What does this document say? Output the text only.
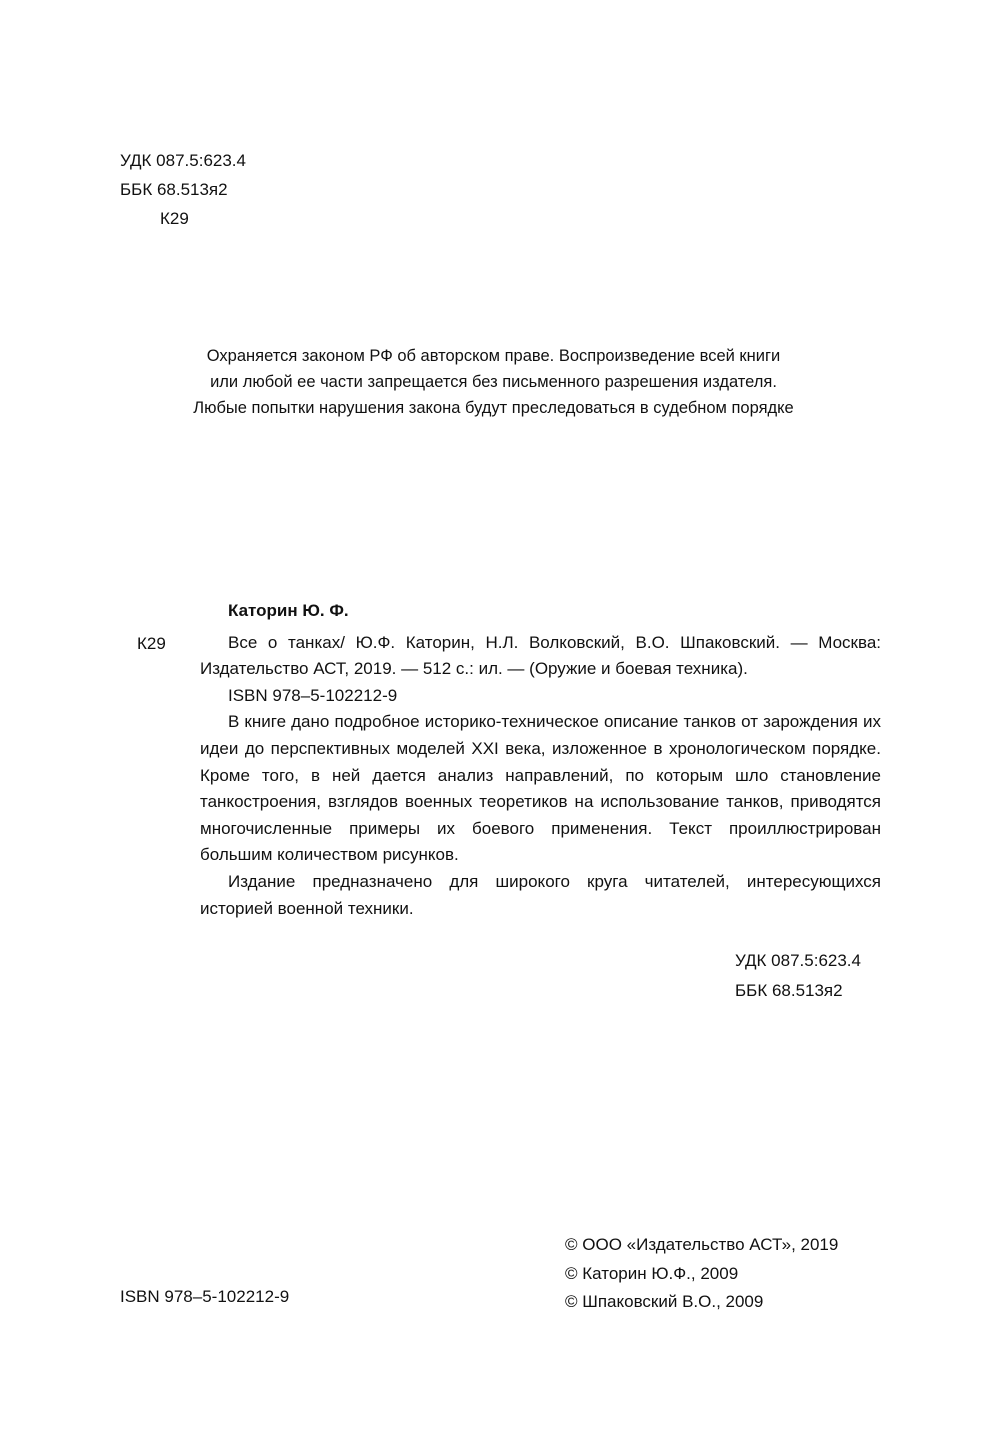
УДК 087.5:623.4
ББК 68.513я2
К29
Охраняется законом РФ об авторском праве. Воспроизведение всей книги
или любой ее части запрещается без письменного разрешения издателя.
Любые попытки нарушения закона будут преследоваться в судебном порядке
К29
Каторин Ю. Ф.

Все о танках/ Ю.Ф. Каторин, Н.Л. Волковский, В.О. Шпаковский. — Москва: Издательство АСТ, 2019. — 512 с.: ил. — (Оружие и боевая техника).

ISBN 978–5-102212-9

В книге дано подробное историко-техническое описание танков от зарождения их идеи до перспективных моделей XXI века, изложенное в хронологическом порядке. Кроме того, в ней дается анализ направлений, по которым шло становление танкостроения, взглядов военных теоретиков на использование танков, приводятся многочисленные примеры их боевого применения. Текст проиллюстрирован большим количеством рисунков.

Издание предназначено для широкого круга читателей, интересующихся историей военной техники.

УДК 087.5:623.4
ББК 68.513я2
© ООО «Издательство АСТ», 2019
© Каторин Ю.Ф., 2009
© Шпаковский В.О., 2009
ISBN 978–5-102212-9
